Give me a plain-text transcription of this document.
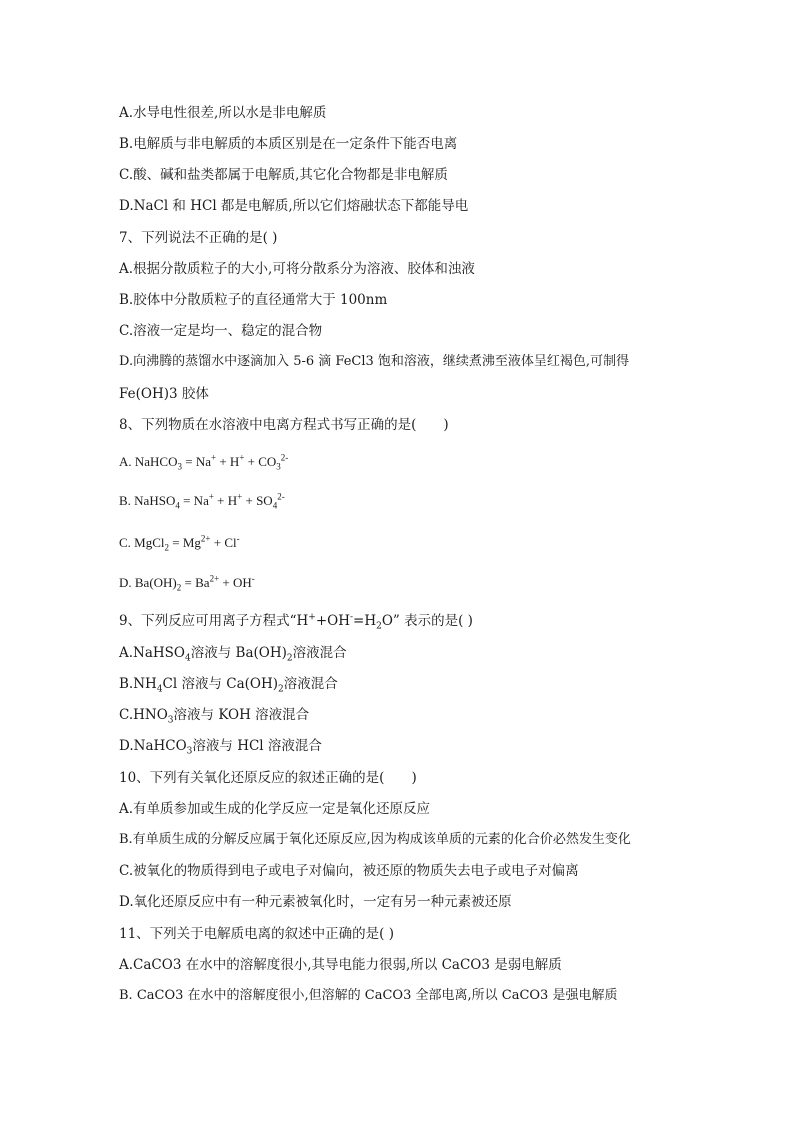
A.水导电性很差,所以水是非电解质
B.电解质与非电解质的本质区别是在一定条件下能否电离
C.酸、碱和盐类都属于电解质,其它化合物都是非电解质
D.NaCl 和 HCl 都是电解质,所以它们熔融状态下都能导电
7、下列说法不正确的是( )
A.根据分散质粒子的大小,可将分散系分为溶液、胶体和浊液
B.胶体中分散质粒子的直径通常大于 100nm
C.溶液一定是均一、稳定的混合物
D.向沸腾的蒸馏水中逐滴加入 5-6 滴 FeCl3 饱和溶液，继续煮沸至液体呈红褐色,可制得
Fe(OH)3 胶体
8、下列物质在水溶液中电离方程式书写正确的是(　　)
A. NaHCO$_3$ = $Na^+ + H^+ + CO_3^{2-}$
B. NaHSO$_4$ = $Na^+ + H^+ + SO_4^{2-}$
C. MgCl$_2$ = $Mg^{2+} + Cl^-$
D. $Ba(OH)_2 = Ba^{2+} + OH^-$
9、下列反应可用离子方程式“$H^++OH^-=H_2O$” 表示的是( )
A.NaHSO$_4$溶液与 $Ba(OH)_2$溶液混合
$B.NH_4Cl$ 溶液与 $Ca(OH)_2$溶液混合
$C.HNO_3$溶液与 KOH 溶液混合
D.NaHCO$_3$溶液与 HCl 溶液混合
10、下列有关氧化还原反应的叙述正确的是(　　)
A.有单质参加或生成的化学反应一定是氧化还原反应
B.有单质生成的分解反应属于氧化还原反应,因为构成该单质的元素的化合价必然发生变化
C.被氧化的物质得到电子或电子对偏向，被还原的物质失去电子或电子对偏离
D.氧化还原反应中有一种元素被氧化时，一定有另一种元素被还原
11、下列关于电解质电离的叙述中正确的是( )
A.CaCO3 在水中的溶解度很小,其导电能力很弱,所以 CaCO3 是弱电解质
B. CaCO3 在水中的溶解度很小,但溶解的 CaCO3 全部电离,所以 CaCO3 是强电解质
